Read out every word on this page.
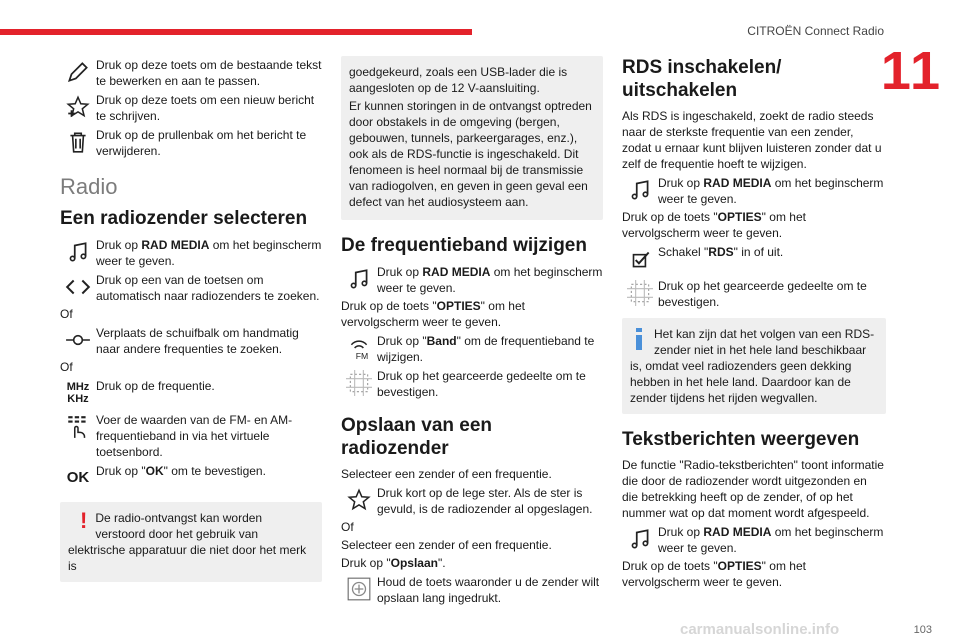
CITROËN Connect Radio
11
Druk op deze toets om de bestaande tekst te bewerken en aan te passen.
Druk op deze toets om een nieuw bericht te schrijven.
Druk op de prullenbak om het bericht te verwijderen.
Radio
Een radiozender selecteren
Druk op RAD MEDIA om het beginscherm weer te geven.
Druk op een van de toetsen om automatisch naar radiozenders te zoeken.

Of

Verplaats de schuifbalk om handmatig naar andere frequenties te zoeken.

Of

MHz
KHz
Druk op de frequentie.
Voer de waarden van de FM- en AM-frequentieband in via het virtuele toetsenbord.
OK Druk op "OK" om te bevestigen.
! De radio-ontvangst kan worden verstoord door het gebruik van elektrische apparatuur die niet door het merk is

goedgekeurd, zoals een USB-lader die is aangesloten op de 12 V-aansluiting.

Er kunnen storingen in de ontvangst optreden door obstakels in de omgeving (bergen, gebouwen, tunnels, parkeergarages, enz.), ook als de RDS-functie is ingeschakeld. Dit fenomeen is heel normaal bij de transmissie van radiogolven, en geven in geen geval een defect van het audiosysteem aan.

De frequentieband wijzigen
Druk op RAD MEDIA om het beginscherm weer te geven.

Druk op de toets "OPTIES" om het vervolgscherm weer te geven.

FM
Druk op "Band" om de frequentieband te wijzigen.
Druk op het gearceerde gedeelte om te bevestigen.
Opslaan van een radiozender

Selecteer een zender of een frequentie.

Druk kort op de lege ster. Als de ster is gevuld, is de radiozender al opgeslagen.

Of

Selecteer een zender of een frequentie.

Druk op "Opslaan".

Houd de toets waaronder u de zender wilt opslaan lang ingedrukt.
RDS inschakelen/ uitschakelen

Als RDS is ingeschakeld, zoekt de radio steeds naar de sterkste frequentie van een zender, zodat u ernaar kunt blijven luisteren zonder dat u zelf de frequentie hoeft te wijzigen.

Druk op RAD MEDIA om het beginscherm weer te geven.

Druk op de toets "OPTIES" om het vervolgscherm weer te geven.

Schakel "RDS" in of uit.
Druk op het gearceerde gedeelte om te bevestigen.
Het kan zijn dat het volgen van een RDS-zender niet in het hele land beschikbaar is, omdat veel radiozenders geen dekking hebben in het hele land. Daardoor kan de zender tijdens het rijden wegvallen.
Tekstberichten weergeven

De functie "Radio-tekstberichten" toont informatie die door de radiozender wordt uitgezonden en die betrekking heeft op de zender, of op het nummer wat op dat moment wordt afgespeeld.

Druk op RAD MEDIA om het beginscherm weer te geven.

Druk op de toets "OPTIES" om het vervolgscherm weer te geven.

carmanualsonline.info	103
